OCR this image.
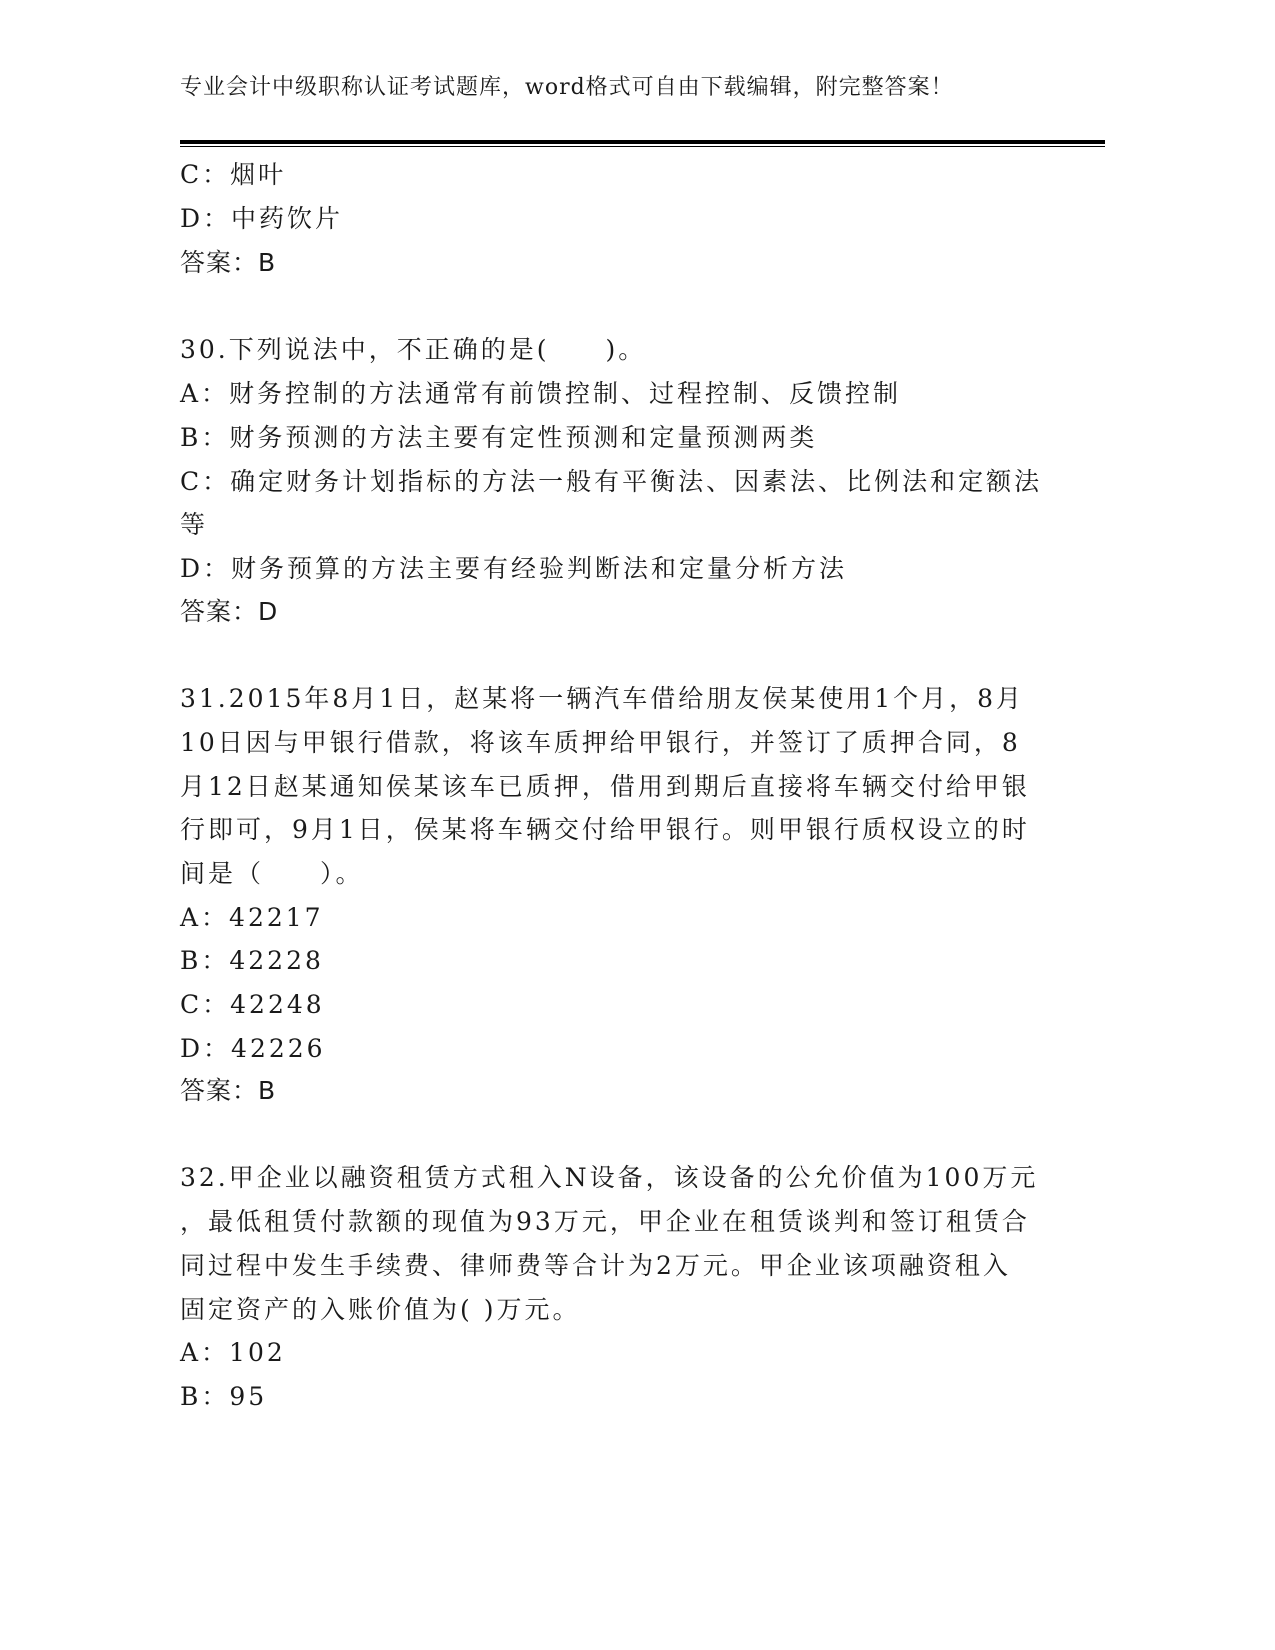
专业会计中级职称认证考试题库，word格式可自由下载编辑，附完整答案！
C：烟叶
D：中药饮片
答案：B
30.下列说法中，不正确的是(　　)。
A：财务控制的方法通常有前馈控制、过程控制、反馈控制
B：财务预测的方法主要有定性预测和定量预测两类
C：确定财务计划指标的方法一般有平衡法、因素法、比例法和定额法
等
D：财务预算的方法主要有经验判断法和定量分析方法
答案：D
31.2015年8月1日，赵某将一辆汽车借给朋友侯某使用1个月，8月
10日因与甲银行借款，将该车质押给甲银行，并签订了质押合同，8
月12日赵某通知侯某该车已质押，借用到期后直接将车辆交付给甲银
行即可，9月1日，侯某将车辆交付给甲银行。则甲银行质权设立的时
间是（　　）。
A：42217
B：42228
C：42248
D：42226
答案：B
32.甲企业以融资租赁方式租入N设备，该设备的公允价值为100万元
，最低租赁付款额的现值为93万元，甲企业在租赁谈判和签订租赁合
同过程中发生手续费、律师费等合计为2万元。甲企业该项融资租入
固定资产的入账价值为( )万元。
A：102
B：95
